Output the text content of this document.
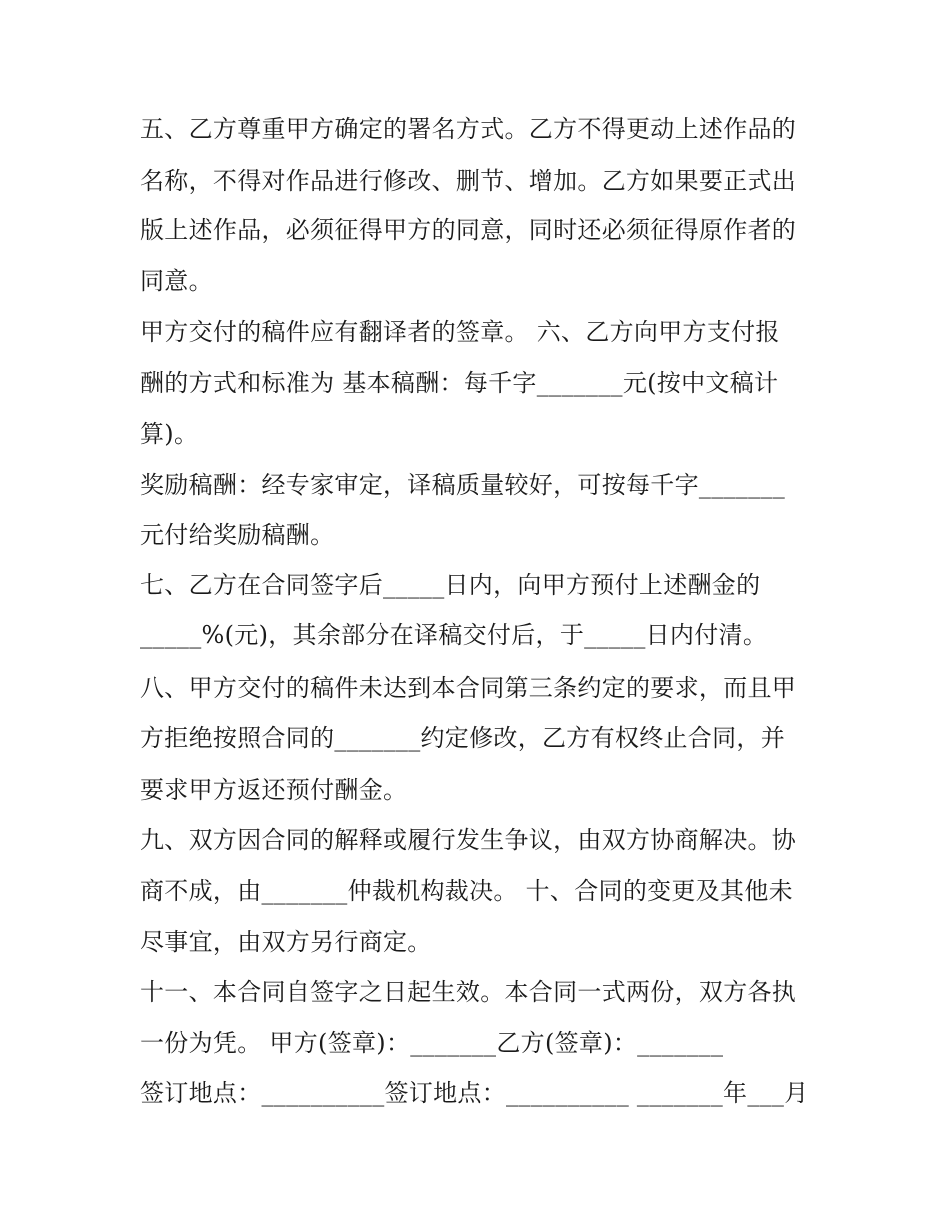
五、乙方尊重甲方确定的署名方式。乙方不得更动上述作品的
名称，不得对作品进行修改、删节、增加。乙方如果要正式出
版上述作品，必须征得甲方的同意，同时还必须征得原作者的
同意。
甲方交付的稿件应有翻译者的签章。 六、乙方向甲方支付报
酬的方式和标准为 基本稿酬：每千字_______元(按中文稿计
算)。
奖励稿酬：经专家审定，译稿质量较好，可按每千字_______
元付给奖励稿酬。
七、乙方在合同签字后_____日内，向甲方预付上述酬金的
_____%(元)，其余部分在译稿交付后，于_____日内付清。
八、甲方交付的稿件未达到本合同第三条约定的要求，而且甲
方拒绝按照合同的_______约定修改，乙方有权终止合同，并
要求甲方返还预付酬金。
九、双方因合同的解释或履行发生争议，由双方协商解决。协
商不成，由_______仲裁机构裁决。 十、合同的变更及其他未
尽事宜，由双方另行商定。
十一、本合同自签字之日起生效。本合同一式两份，双方各执
一份为凭。 甲方(签章)：_______乙方(签章)：_______
签订地点：__________签订地点：__________ _______年___月
